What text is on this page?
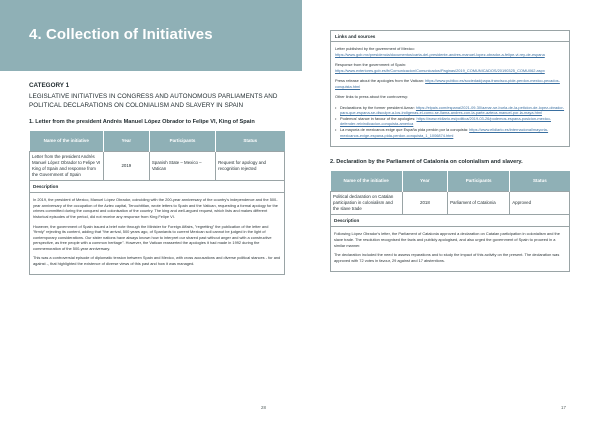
4. Collection of Initiatives
CATEGORY 1
LEGISLATIVE INITIATIVES IN CONGRESS AND AUTONOMOUS PARLIAMENTS AND POLITICAL DECLARATIONS ON COLONIALISM AND SLAVERY IN SPAIN
1. Letter from the president Andrés Manuel López Obrador to Felipe VI, King of Spain
Name of the initiative	Year	Participants	Status
Letter from the president Andrés Manuel López Obrador to Felipe VI King of Spain and response from the Government of Spain	2019	Spanish State – Mexico – Vatican	Request for apology and recognition rejected
Description

In 2019, the president of Mexico, Manuel López Obrador, coinciding with the 200-year anniversary of the country's independence and the 500-year anniversary of the occupation of the Aztec capital, Tenochtitlan, wrote letters to Spain and the Vatican, requesting a formal apology for the crimes committed during the conquest and colonisation of the country. The king and well-argued request, which lists and makes different historical episodes of the period, did not receive any response from King Felipe VI.

However, the government of Spain issued a brief note through the Minister for Foreign Affairs, "regretting" the publication of the letter and "firmly" rejecting its content, adding that "the arrival, 500 years ago, of Spaniards to current Mexican soil cannot be judged in the light of contemporary considerations. Our sister nations have always known how to interpret our shared past without anger and with a constructive perspective, as free people with a common heritage". However, the Vatican reasserted the apologies it had made in 1992 during the commemoration of the 500-year anniversary.

This was a controversial episode of diplomatic tension between Spain and Mexico, with cross accusations and diverse political stances - for and against -, that highlighted the existence of diverse views of this past and how it was managed.

28
Links and sources

Letter published by the government of Mexico:
https://www.gob.mx/presidencia/documentos/carta-del-presidente-andres-manuel-lopez-obrador-a-felipe-vi-rey-de-espana

Response from the government of Spain:
https://www.exteriores.gob.es/fr/Comunicacion/Comunicados/Paginas/2019_COMUNICADOS/20190325_COMU062.aspx

Press release about the apologies from the Vatican: https://www.publico.es/sociedad/papa-francisco-pide-perdon-mexico-pecados-conquista.html

Other links to press about the controversy:

• Declarations by the former president Aznar: https://elpais.com/espana/2021-09-30/aznar-se-burla-de-la-peticion-de-lopez-obrador-para-que-espana-se-disculpe-a-los-indigenas-el-como-se-llama-andres-con-la-parte-azteca-manuel-por-la-maya.html
• Podemos' stance in favour of the apologies: https://www.eldiario.es/politica/2019-03-26/podemos-espana-posicion-mexico-defender-reivindicacion-conquista-america
• La mayoría de mexicanos exige que España pida perdón por la conquista: https://www.elidiario.es/internacional/mayoria-mexicanos-exige-espana-pida-perdon-conquista_1_1006874.html
2. Declaration by the Parliament of Catalonia on colonialism and slavery.
Name of the initiative	Year	Participants	Status
Political declaration on Catalan participation in colonialism and the slave trade	2018	Parliament of Catalonia	Approved
Description

Following López Obrador's letter, the Parliament of Catalonia approved a declaration on Catalan participation in colonialism and the slave trade. The resolution recognised the facts and publicly apologised, and also urged the government of Spain to proceed in a similar manner.

The declaration included the need to assess reparations and to study the impact of this activity on the present. The declaration was approved with 72 votes in favour, 29 against and 17 abstentions.

17
